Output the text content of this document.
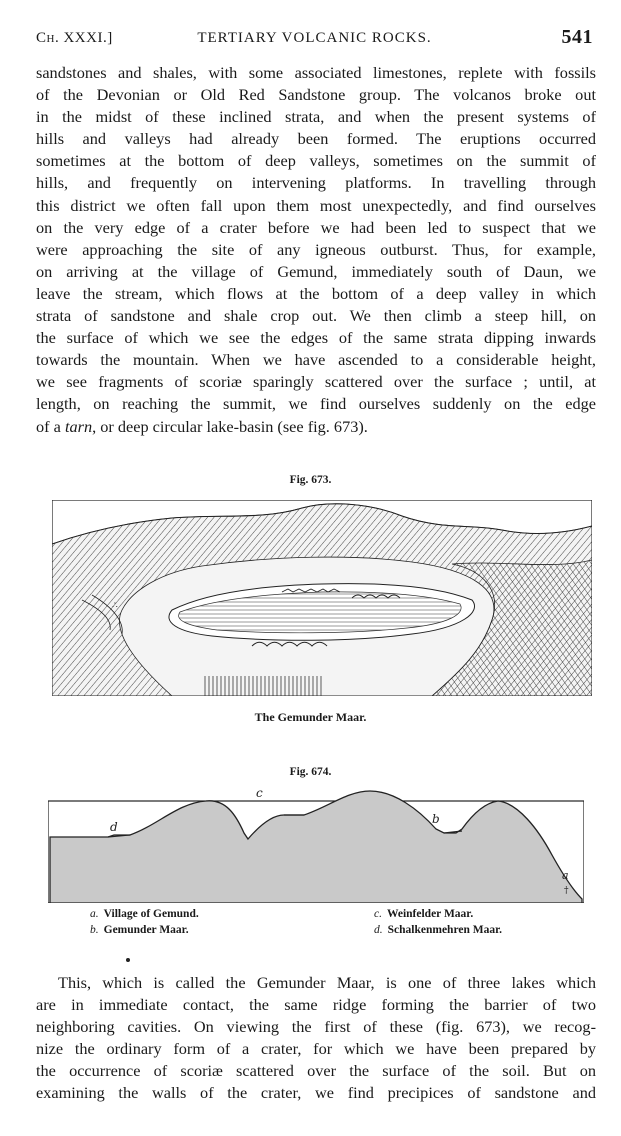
Ch. XXXI.]	TERTIARY VOLCANIC ROCKS.	541
sandstones and shales, with some associated limestones, replete with fossils
of the Devonian or Old Red Sandstone group. The volcanos broke out
in the midst of these inclined strata, and when the present systems of
hills and valleys had already been formed. The eruptions occurred
sometimes at the bottom of deep valleys, sometimes on the summit of
hills, and frequently on intervening platforms. In travelling through
this district we often fall upon them most unexpectedly, and find ourselves
on the very edge of a crater before we had been led to suspect that we
were approaching the site of any igneous outburst. Thus, for example,
on arriving at the village of Gemund, immediately south of Daun, we
leave the stream, which flows at the bottom of a deep valley in which
strata of sandstone and shale crop out. We then climb a steep hill, on
the surface of which we see the edges of the same strata dipping inwards
towards the mountain. When we have ascended to a considerable height,
we see fragments of scoriæ sparingly scattered over the surface ; until, at
length, on reaching the summit, we find ourselves suddenly on the edge
of a tarn, or deep circular lake-basin (see fig. 673).
Fig. 673.
∴
The Gemunder Maar.
Fig. 674.
d
c
b
a
†
a. Village of Gemund.	c. Weinfelder Maar.
b. Gemunder Maar.	d. Schalkenmehren Maar.
This, which is called the Gemunder Maar, is one of three lakes which
are in immediate contact, the same ridge forming the barrier of two
neighboring cavities. On viewing the first of these (fig. 673), we recog-
nize the ordinary form of a crater, for which we have been prepared by
the occurrence of scoriæ scattered over the surface of the soil. But on
examining the walls of the crater, we find precipices of sandstone and
